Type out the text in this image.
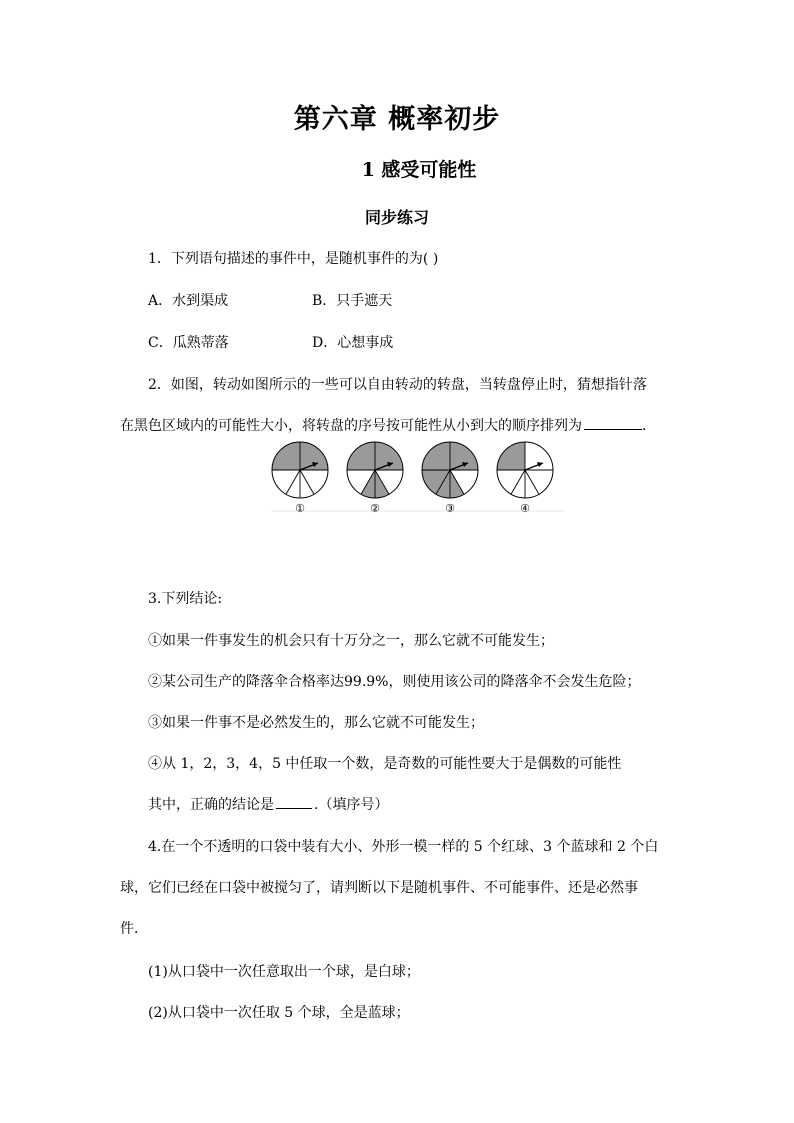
第六章 概率初步
1 感受可能性
同步练习
1．下列语句描述的事件中，是随机事件的为( )
A．水到渠成	B．只手遮天
C．瓜熟蒂落	D．心想事成
2．如图，转动如图所示的一些可以自由转动的转盘，当转盘停止时，猜想指针落
在黑色区域内的可能性大小，将转盘的序号按可能性从小到大的顺序排列为	.
①	②	③	④
3.下列结论:
①如果一件事发生的机会只有十万分之一，那么它就不可能发生；
②某公司生产的降落伞合格率达99.9%，则使用该公司的降落伞不会发生危险；
③如果一件事不是必然发生的，那么它就不可能发生；
④从 1，2，3，4，5 中任取一个数，是奇数的可能性要大于是偶数的可能性
其中，正确的结论是	.（填序号）
4.在一个不透明的口袋中装有大小、外形一模一样的 5 个红球、3 个蓝球和 2 个白
球，它们已经在口袋中被搅匀了，请判断以下是随机事件、不可能事件、还是必然事
件．
(1)从口袋中一次任意取出一个球，是白球；
(2)从口袋中一次任取 5 个球，全是蓝球；
